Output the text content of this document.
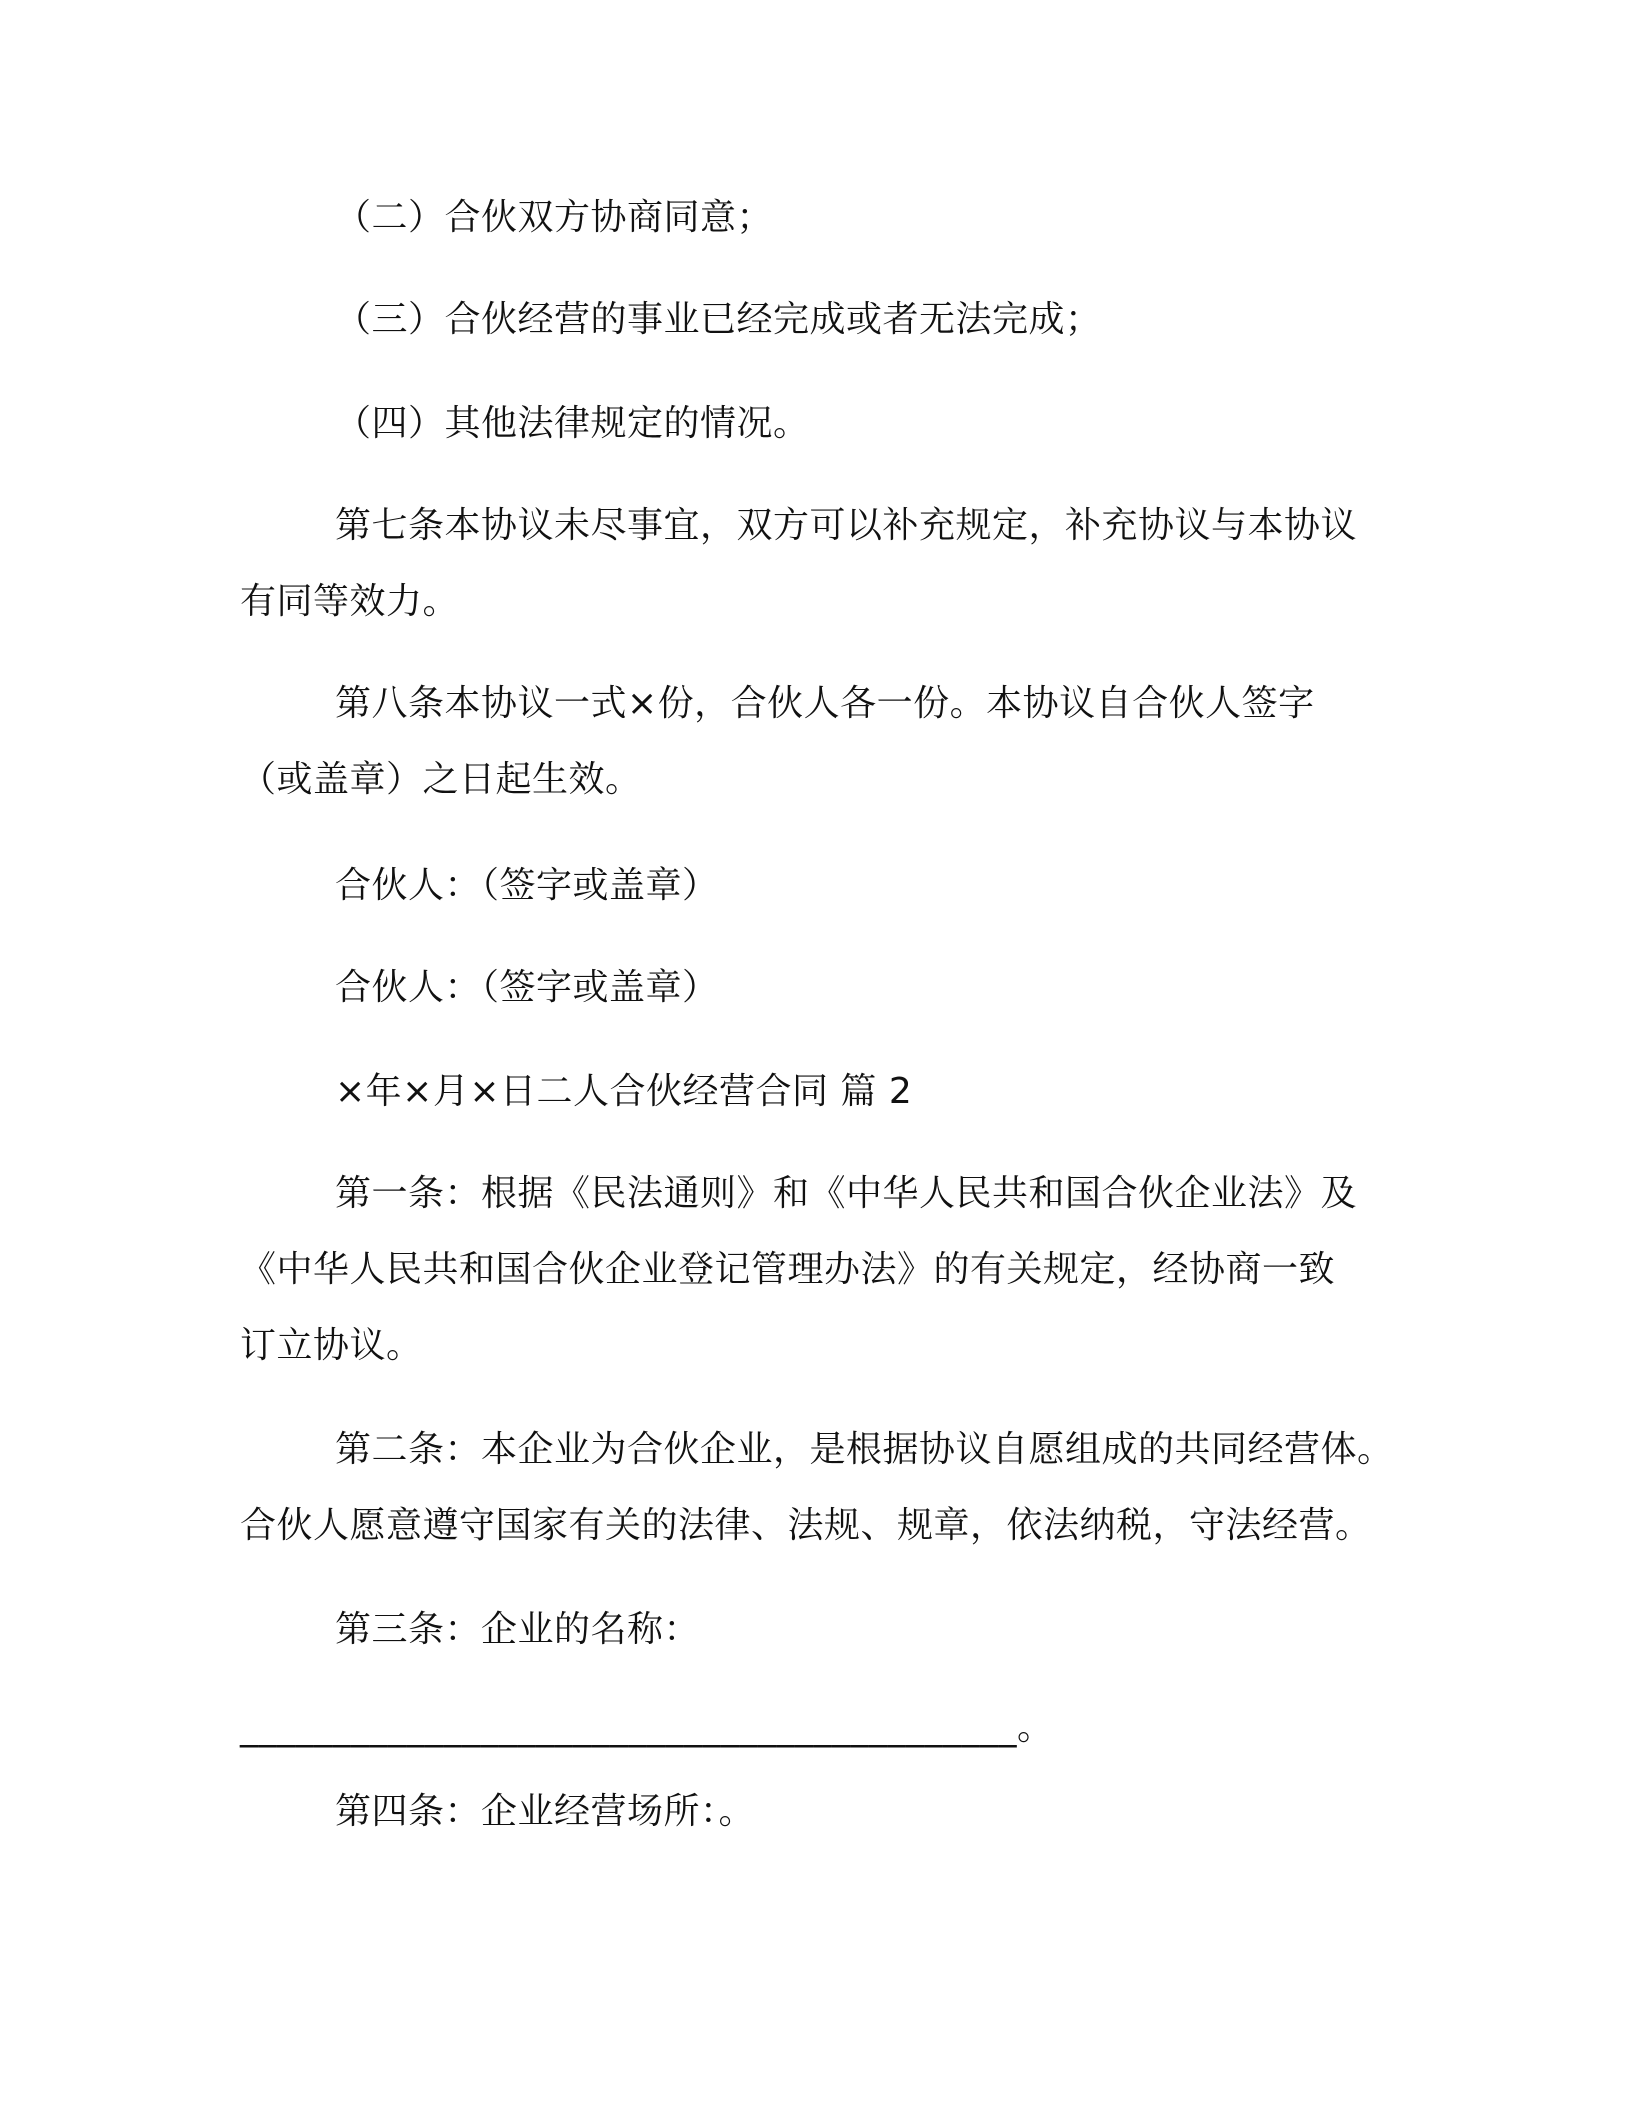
（二）合伙双方协商同意；
（三）合伙经营的事业已经完成或者无法完成；
（四）其他法律规定的情况。
第七条本协议未尽事宜，双方可以补充规定，补充协议与本协议
有同等效力。
第八条本协议一式×份，合伙人各一份。本协议自合伙人签字
（或盖章）之日起生效。
合伙人：（签字或盖章）
合伙人：（签字或盖章）
×年×月×日二人合伙经营合同 篇 2
第一条：根据《民法通则》和《中华人民共和国合伙企业法》及
《中华人民共和国合伙企业登记管理办法》的有关规定，经协商一致
订立协议。
第二条：本企业为合伙企业，是根据协议自愿组成的共同经营体。
合伙人愿意遵守国家有关的法律、法规、规章，依法纳税，守法经营。
第三条：企业的名称：
__________________________________________。
第四条：企业经营场所：。
